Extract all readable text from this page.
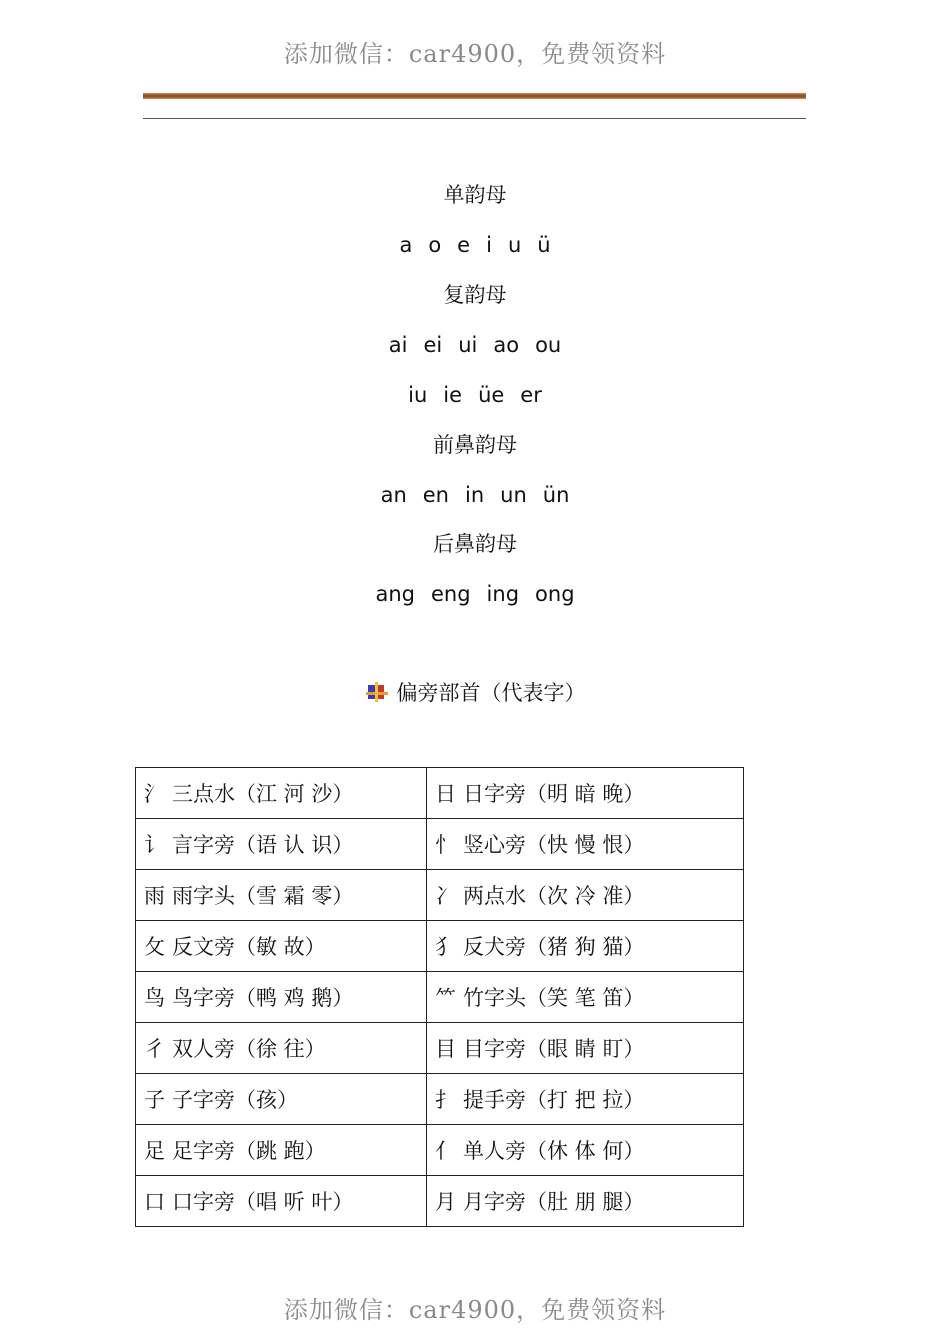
添加微信：car4900，免费领资料
单韵母
a o e i u ü
复韵母
ai ei ui ao ou
iu ie üe er
前鼻韵母
an en in un ün
后鼻韵母
ang eng ing ong
偏旁部首（代表字）
氵 三点水（江 河 沙）	日 日字旁（明 暗 晚）
讠 言字旁（语 认 识）	忄 竖心旁（快 慢 恨）
雨 雨字头（雪 霜 零）	冫 两点水（次 冷 准）
攵 反文旁（敏 故）	犭 反犬旁（猪 狗 猫）
鸟 鸟字旁（鸭 鸡 鹅）	⺮ 竹字头（笑 笔 笛）
彳 双人旁（徐 往）	目 目字旁（眼 睛 盯）
子 子字旁（孩）	扌 提手旁（打 把 拉）
足 足字旁（跳 跑）	亻 单人旁（休 体 何）
口 口字旁（唱 听 叶）	月 月字旁（肚 朋 腿）
添加微信：car4900，免费领资料
